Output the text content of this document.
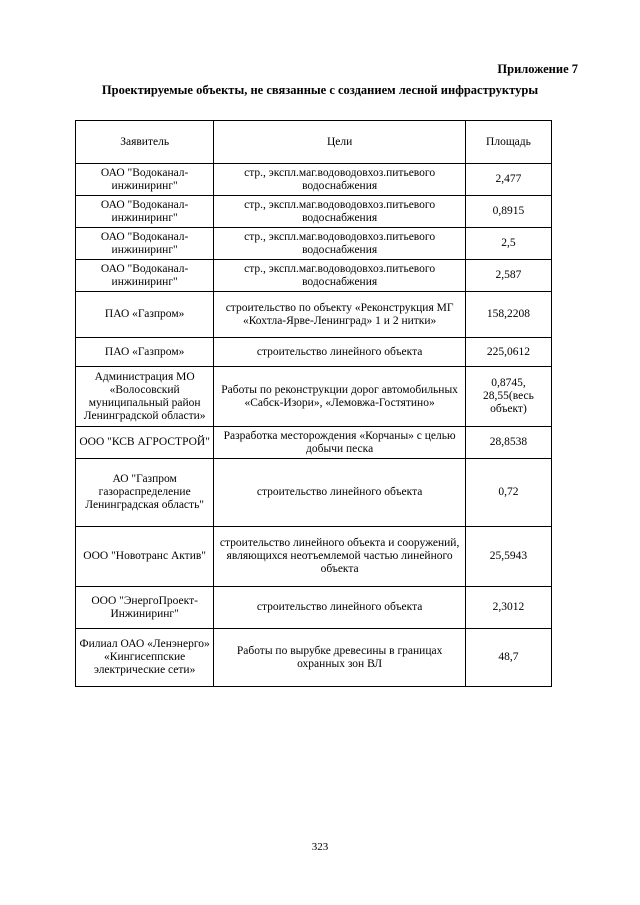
Приложение 7
Проектируемые объекты, не связанные с созданием лесной инфраструктуры
Заявитель	Цели	Площадь
ОАО "Водоканал-инжиниринг"	стр., экспл.маг.водоводовхоз.питьевого водоснабжения	2,477
ОАО "Водоканал-инжиниринг"	стр., экспл.маг.водоводовхоз.питьевого водоснабжения	0,8915
ОАО "Водоканал-инжиниринг"	стр., экспл.маг.водоводовхоз.питьевого водоснабжения	2,5
ОАО "Водоканал-инжиниринг"	стр., экспл.маг.водоводовхоз.питьевого водоснабжения	2,587
ПАО «Газпром»	строительство по объекту «Реконструкция МГ «Кохтла-Ярве-Ленинград» 1 и 2 нитки»	158,2208
ПАО «Газпром»	строительство линейного объекта	225,0612
Администрация МО «Волосовский муниципальный район Ленинградской области»	Работы по реконструкции дорог автомобильных «Сабск-Изори», «Лемовжа-Гостятино»	0,8745, 28,55(весь объект)
ООО "КСВ АГРОСТРОЙ"	Разработка месторождения «Корчаны» с целью добычи песка	28,8538
АО "Газпром газораспределение Ленинградская область"	строительство линейного объекта	0,72
ООО "Новотранс Актив"	строительство линейного объекта и сооружений, являющихся неотъемлемой частью линейного объекта	25,5943
ООО "ЭнергоПроект-Инжиниринг"	строительство линейного объекта	2,3012
Филиал ОАО «Ленэнерго» «Кингисеппские электрические сети»	Работы по вырубке древесины в границах охранных зон ВЛ	48,7
323
